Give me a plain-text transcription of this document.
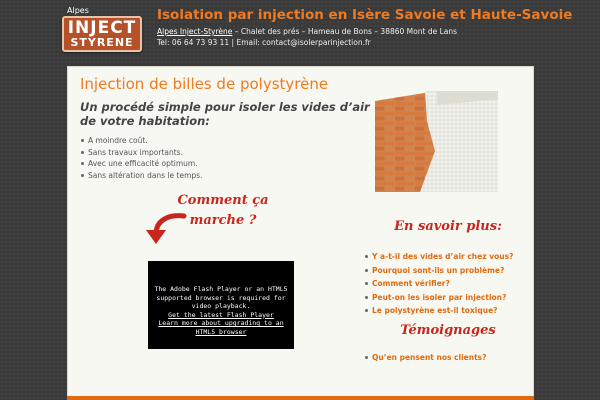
Alpes
INJECT
STYRENE
Isolation par injection en Isère Savoie et Haute-Savoie
Alpes Inject-Styrène – Chalet des prés – Hameau de Bons – 38860 Mont de Lans
Tel: 06 64 73 93 11 | Email: contact@isolerparinjection.fr
Injection de billes de polystyrène
Un procédé simple pour isoler les vides d’air de votre habitation:
A moindre coût.
Sans travaux importants.
Avec une efficacité optimum.
Sans altération dans le temps.
Comment ça marche ?
The Adobe Flash Player or an HTML5 supported browser is required for video playback.
Get the latest Flash Player
Learn more about upgrading to an HTML5 browser
En savoir plus:
Y a-t-il des vides d’air chez vous?
Pourquoi sont-ils un problème?
Comment vérifier?
Peut-on les isoler par injection?
Le polystyrène est-il toxique?
Témoignages
Qu’en pensent nos clients?
